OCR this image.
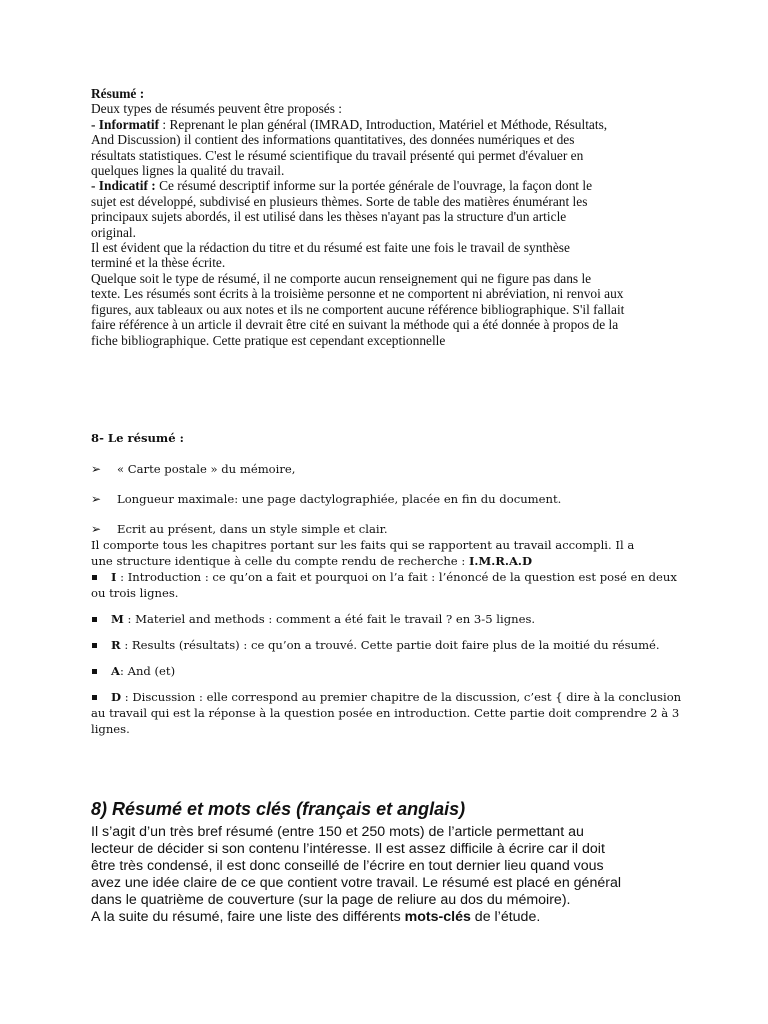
Résumé :

Deux types de résumés peuvent être proposés :

- Informatif : Reprenant le plan général (IMRAD, Introduction, Matériel et Méthode, Résultats,

And Discussion) il contient des informations quantitatives, des données numériques et des

résultats statistiques. C'est le résumé scientifique du travail présenté qui permet d'évaluer en

quelques lignes la qualité du travail.

- Indicatif : Ce résumé descriptif informe sur la portée générale de l'ouvrage, la façon dont le

sujet est développé, subdivisé en plusieurs thèmes. Sorte de table des matières énumérant les

principaux sujets abordés, il est utilisé dans les thèses n'ayant pas la structure d'un article

original.

Il est évident que la rédaction du titre et du résumé est faite une fois le travail de synthèse

terminé et la thèse écrite.

Quelque soit le type de résumé, il ne comporte aucun renseignement qui ne figure pas dans le

texte. Les résumés sont écrits à la troisième personne et ne comportent ni abréviation, ni renvoi aux

figures, aux tableaux ou aux notes et ils ne comportent aucune référence bibliographique. S'il fallait

faire référence à un article il devrait être cité en suivant la méthode qui a été donnée à propos de la

fiche bibliographique. Cette pratique est cependant exceptionnelle

8- Le résumé :

➢	« Carte postale » du mémoire,
➢	Longueur maximale: une page dactylographiée, placée en fin du document.
➢	Ecrit au présent, dans un style simple et clair.

Il comporte tous les chapitres portant sur les faits qui se rapportent au travail accompli. Il a

une structure identique à celle du compte rendu de recherche : I.M.R.A.D

I : Introduction : ce qu’on a fait et pourquoi on l’a fait : l’énoncé de la question est posé en deux ou trois lignes.
M : Materiel and methods : comment a été fait le travail ? en 3-5 lignes.
R : Results (résultats) : ce qu’on a trouvé. Cette partie doit faire plus de la moitié du résumé.
A: And (et)
D : Discussion : elle correspond au premier chapitre de la discussion, c’est { dire à la conclusion au travail qui est la réponse à la question posée en introduction. Cette partie doit comprendre 2 à 3 lignes.

8) Résumé et mots clés (français et anglais)

Il s’agit d’un très bref résumé (entre 150 et 250 mots) de l’article permettant au

lecteur de décider si son contenu l’intéresse. Il est assez difficile à écrire car il doit

être très condensé, il est donc conseillé de l’écrire en tout dernier lieu quand vous

avez une idée claire de ce que contient votre travail. Le résumé est placé en général

dans le quatrième de couverture (sur la page de reliure au dos du mémoire).

A la suite du résumé, faire une liste des différents mots-clés de l’étude.
